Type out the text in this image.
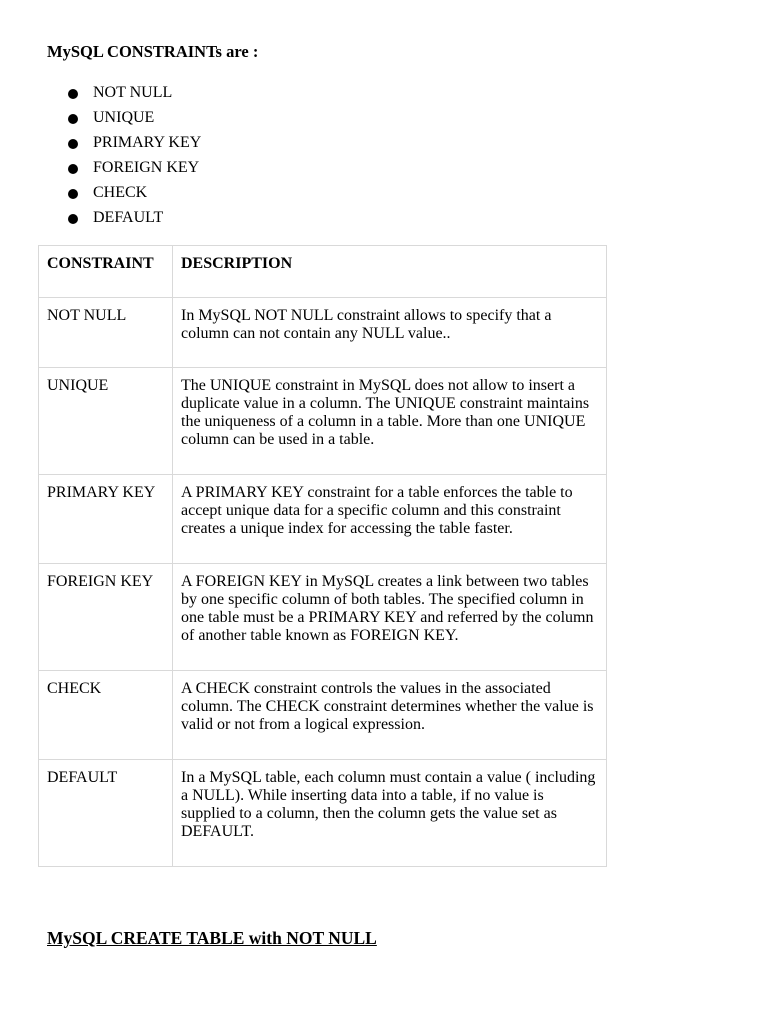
MySQL CONSTRAINTs are :

NOT NULL
UNIQUE
PRIMARY KEY
FOREIGN KEY
CHECK
DEFAULT
CONSTRAINT	DESCRIPTION
NOT NULL	In MySQL NOT NULL constraint allows to specify that a column can not contain any NULL value..
UNIQUE	The UNIQUE constraint in MySQL does not allow to insert a duplicate value in a column. The UNIQUE constraint maintains the uniqueness of a column in a table. More than one UNIQUE column can be used in a table.
PRIMARY KEY	A PRIMARY KEY constraint for a table enforces the table to accept unique data for a specific column and this constraint creates a unique index for accessing the table faster.
FOREIGN KEY	A FOREIGN KEY in MySQL creates a link between two tables by one specific column of both tables. The specified column in one table must be a PRIMARY KEY and referred by the column of another table known as FOREIGN KEY.
CHECK	A CHECK constraint controls the values in the associated column. The CHECK constraint determines whether the value is valid or not from a logical expression.
DEFAULT	In a MySQL table, each column must contain a value ( including a NULL). While inserting data into a table, if no value is supplied to a column, then the column gets the value set as DEFAULT.

MySQL CREATE TABLE with NOT NULL
